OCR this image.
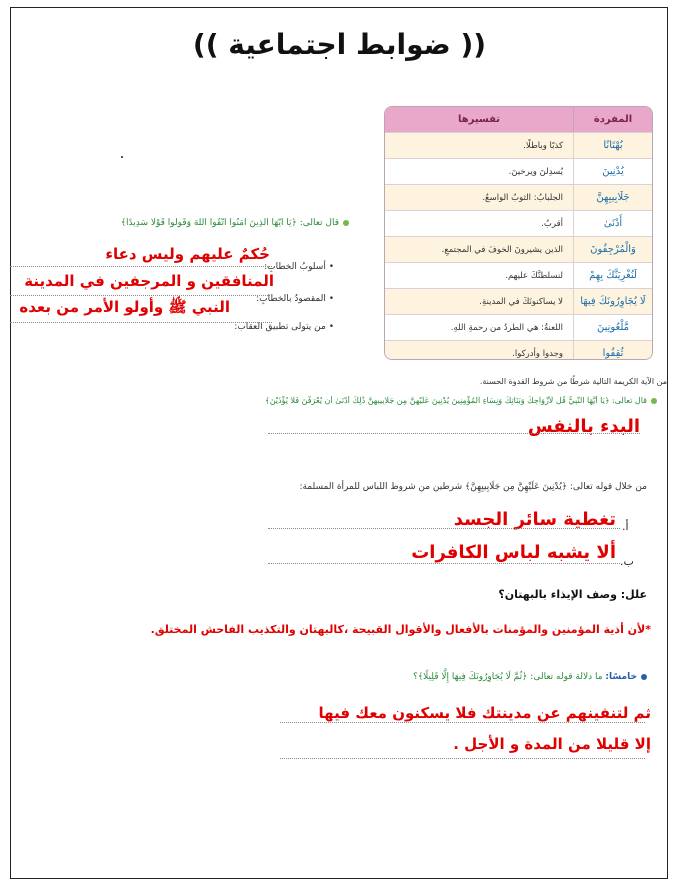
(( ضوابط اجتماعية ))
المفردة
تفسيرها
بُهْتَانًا
كذبًا وباطلًا.
يُدْنِينَ
يُسدِلنَ ويرخينَ.
جَلَابِيبِهِنَّ
الجلبابُ: الثوبُ الواسعُ.
أَدْنَىٰ
أقربُ.
وَالْمُرْجِفُونَ
الذين يشيرونَ الخوفَ في المجتمعِ.
لَنُغْرِيَنَّكَ بِهِمْ
لنسلطنَّكَ عليهم.
لَا يُجَاوِرُونَكَ فِيهَا
لا يساكنونَكَ في المدينةِ.
مَّلْعُونِينَ
اللعنةُ: هي الطردُ من رحمةِ اللهِ.
ثُقِفُوا
وجدوا وأدركوا.
قال تعالى: ﴿يَا أَيُّهَا الَّذِينَ آمَنُوا اتَّقُوا اللَّهَ وَقُولُوا قَوْلًا سَدِيدًا﴾
• أسلوبُ الخطابِ:
حُكمٌ عليهم وليس دعاء
• المقصودُ بالخطابِ:
المنافقين و المرجفين في المدينة
• من يتولى تطبيق العقاب:
النبي ﷺ وأولو الأمر من بعده
من الآية الكريمة التالية شرطًا من شروط القدوة الحسنة.
قال تعالى: ﴿يَا أَيُّهَا النَّبِيُّ قُل لِّأَزْوَاجِكَ وَبَنَاتِكَ وَنِسَاءِ الْمُؤْمِنِينَ يُدْنِينَ عَلَيْهِنَّ مِن جَلَابِيبِهِنَّ ذَٰلِكَ أَدْنَىٰ أَن يُعْرَفْنَ فَلَا يُؤْذَيْنَ﴾
البدء بالنفس
من خلال قوله تعالى: ﴿يُدْنِينَ عَلَيْهِنَّ مِن جَلَابِيبِهِنَّ﴾ شرطين من شروط اللباس للمرأة المسلمة:
أ.
تغطية سائر الجسد
ب.
ألا يشبه لباس الكافرات
علل: وصف الإيذاء بالبهتان؟
*لأن أذية المؤمنين والمؤمنات بالأفعال والأقوال القبيحة ،كالبهتان والتكذيب الفاحش المختلق.
خامسًا: ما دلالة قوله تعالى: ﴿ثُمَّ لَا يُجَاوِرُونَكَ فِيهَا إِلَّا قَلِيلًا﴾؟
ثم لتنفينهم عن مدينتك فلا يسكنون معك فيها
إلا قليلا من المدة و الأجل .
